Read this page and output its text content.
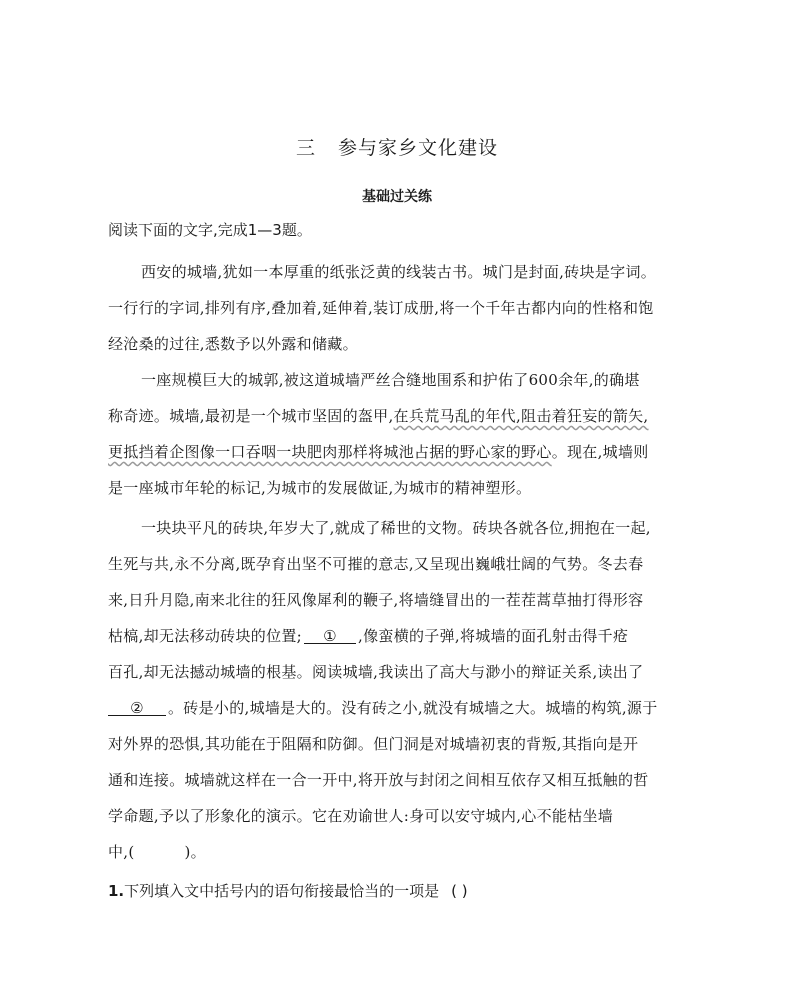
三 参与家乡文化建设
基础过关练
阅读下面的文字,完成1—3题。
西安的城墙,犹如一本厚重的纸张泛黄的线装古书。城门是封面,砖块是字词。
一行行的字词,排列有序,叠加着,延伸着,装订成册,将一个千年古都内向的性格和饱
经沧桑的过往,悉数予以外露和储藏。
一座规模巨大的城郭,被这道城墙严丝合缝地围系和护佑了600余年,的确堪
称奇迹。城墙,最初是一个城市坚固的盔甲,在兵荒马乱的年代,阻击着狂妄的箭矢,
更抵挡着企图像一口吞咽一块肥肉那样将城池占据的野心家的野心。现在,城墙则
是一座城市年轮的标记,为城市的发展做证,为城市的精神塑形。
一块块平凡的砖块,年岁大了,就成了稀世的文物。砖块各就各位,拥抱在一起,
生死与共,永不分离,既孕育出坚不可摧的意志,又呈现出巍峨壮阔的气势。冬去春
来,日升月隐,南来北往的狂风像犀利的鞭子,将墙缝冒出的一茬茬蒿草抽打得形容
枯槁,却无法移动砖块的位置; ① ,像蛮横的子弹,将城墙的面孔射击得千疮
百孔,却无法撼动城墙的根基。阅读城墙,我读出了高大与渺小的辩证关系,读出了
② 。砖是小的,城墙是大的。没有砖之小,就没有城墙之大。城墙的构筑,源于
对外界的恐惧,其功能在于阻隔和防御。但门洞是对城墙初衷的背叛,其指向是开
通和连接。城墙就这样在一合一开中,将开放与封闭之间相互依存又相互抵触的哲
学命题,予以了形象化的演示。它在劝谕世人:身可以安守城内,心不能枯坐墙
中,(	)。
1.下列填入文中括号内的语句衔接最恰当的一项是 ( )
